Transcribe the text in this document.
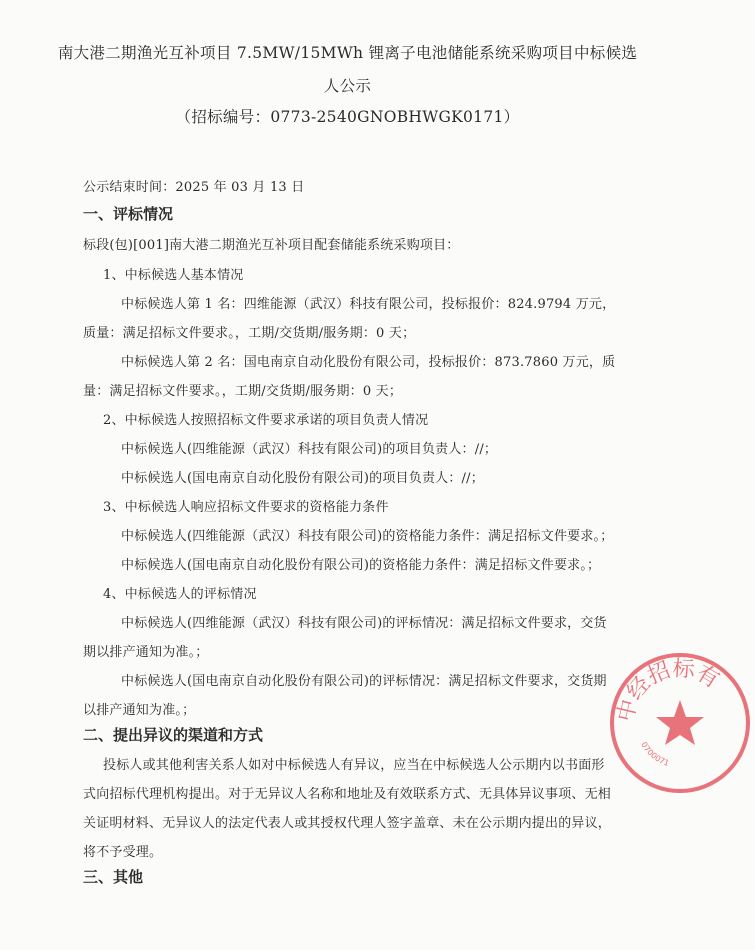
南大港二期渔光互补项目 7.5MW/15MWh 锂离子电池储能系统采购项目中标候选
人公示
（招标编号：0773-2540GNOBHWGK0171）
公示结束时间：2025 年 03 月 13 日
一、评标情况
标段(包)[001]南大港二期渔光互补项目配套储能系统采购项目：
1、中标候选人基本情况
中标候选人第 1 名：四维能源（武汉）科技有限公司，投标报价：824.9794 万元，
质量：满足招标文件要求。，工期/交货期/服务期：0 天；
中标候选人第 2 名：国电南京自动化股份有限公司，投标报价：873.7860 万元，质
量：满足招标文件要求。，工期/交货期/服务期：0 天；
2、中标候选人按照招标文件要求承诺的项目负责人情况
中标候选人(四维能源（武汉）科技有限公司)的项目负责人：//；
中标候选人(国电南京自动化股份有限公司)的项目负责人：//；
3、中标候选人响应招标文件要求的资格能力条件
中标候选人(四维能源（武汉）科技有限公司)的资格能力条件：满足招标文件要求。；
中标候选人(国电南京自动化股份有限公司)的资格能力条件：满足招标文件要求。；
4、中标候选人的评标情况
中标候选人(四维能源（武汉）科技有限公司)的评标情况：满足招标文件要求，交货
期以排产通知为准。；
中标候选人(国电南京自动化股份有限公司)的评标情况：满足招标文件要求，交货期
以排产通知为准。；
二、提出异议的渠道和方式
投标人或其他利害关系人如对中标候选人有异议，应当在中标候选人公示期内以书面形
式向招标代理机构提出。对于无异议人名称和地址及有效联系方式、无具体异议事项、无相
关证明材料、无异议人的法定代表人或其授权代理人签字盖章、未在公示期内提出的异议，
将不予受理。
三、其他
中经招标有
0700071
